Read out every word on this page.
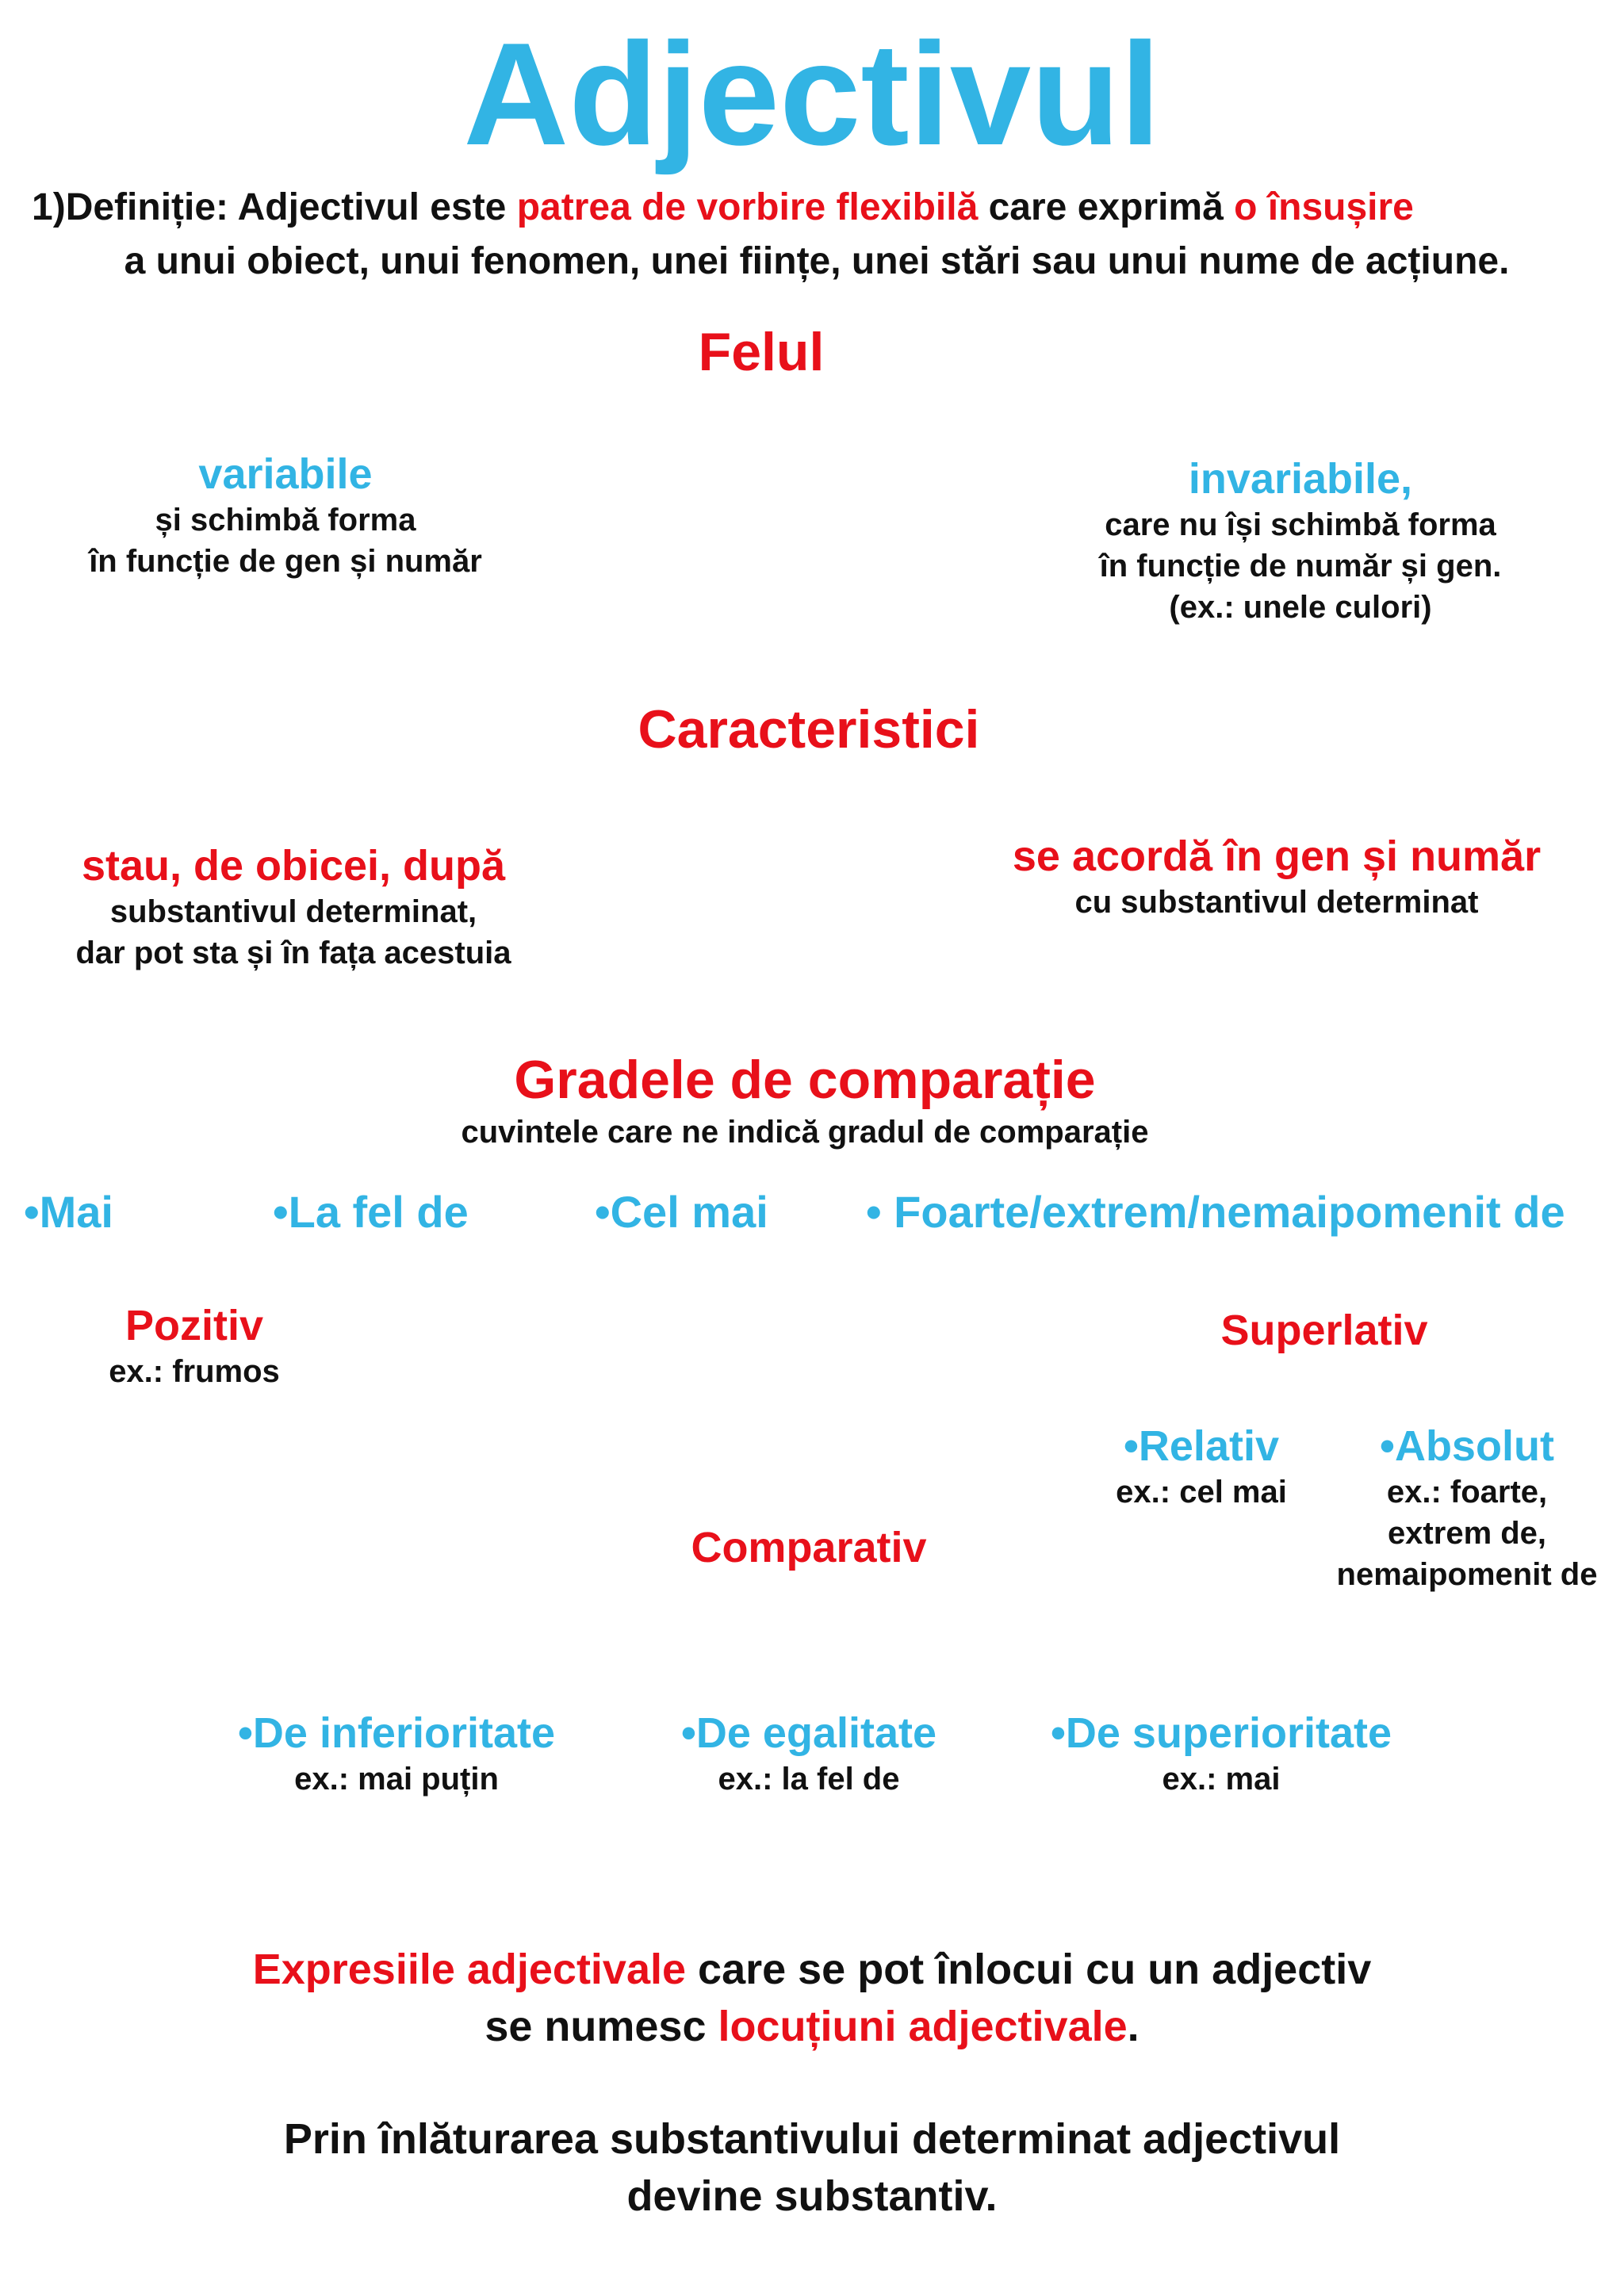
Adjectivul
1)Definiție: Adjectivul este patrea de vorbire flexibilă care exprimă o însușire
a unui obiect, unui fenomen, unei ființe, unei stări sau unui nume de acțiune.
Felul
variabile
și schimbă forma
în funcție de gen și număr
invariabile,
care nu își schimbă forma
în funcție de număr și gen.
(ex.: unele culori)
Caracteristici
stau, de obicei, după
substantivul determinat,
dar pot sta și în fața acestuia
se acordă în gen și număr
cu substantivul determinat
Gradele de comparație
cuvintele care ne indică gradul de comparație
•Mai	•La fel de	•Cel mai • Foarte/extrem/nemaipomenit de
Pozitiv
ex.: frumos
Superlativ
•Relativ
ex.: cel mai
•Absolut
ex.: foarte,
extrem de,
nemaipomenit de
Comparativ
•De inferioritate
ex.: mai puțin
•De egalitate
ex.: la fel de
•De superioritate
ex.: mai
Expresiile adjectivale care se pot înlocui cu un adjectiv
se numesc locuțiuni adjectivale.
Prin înlăturarea substantivului determinat adjectivul
devine substantiv.
